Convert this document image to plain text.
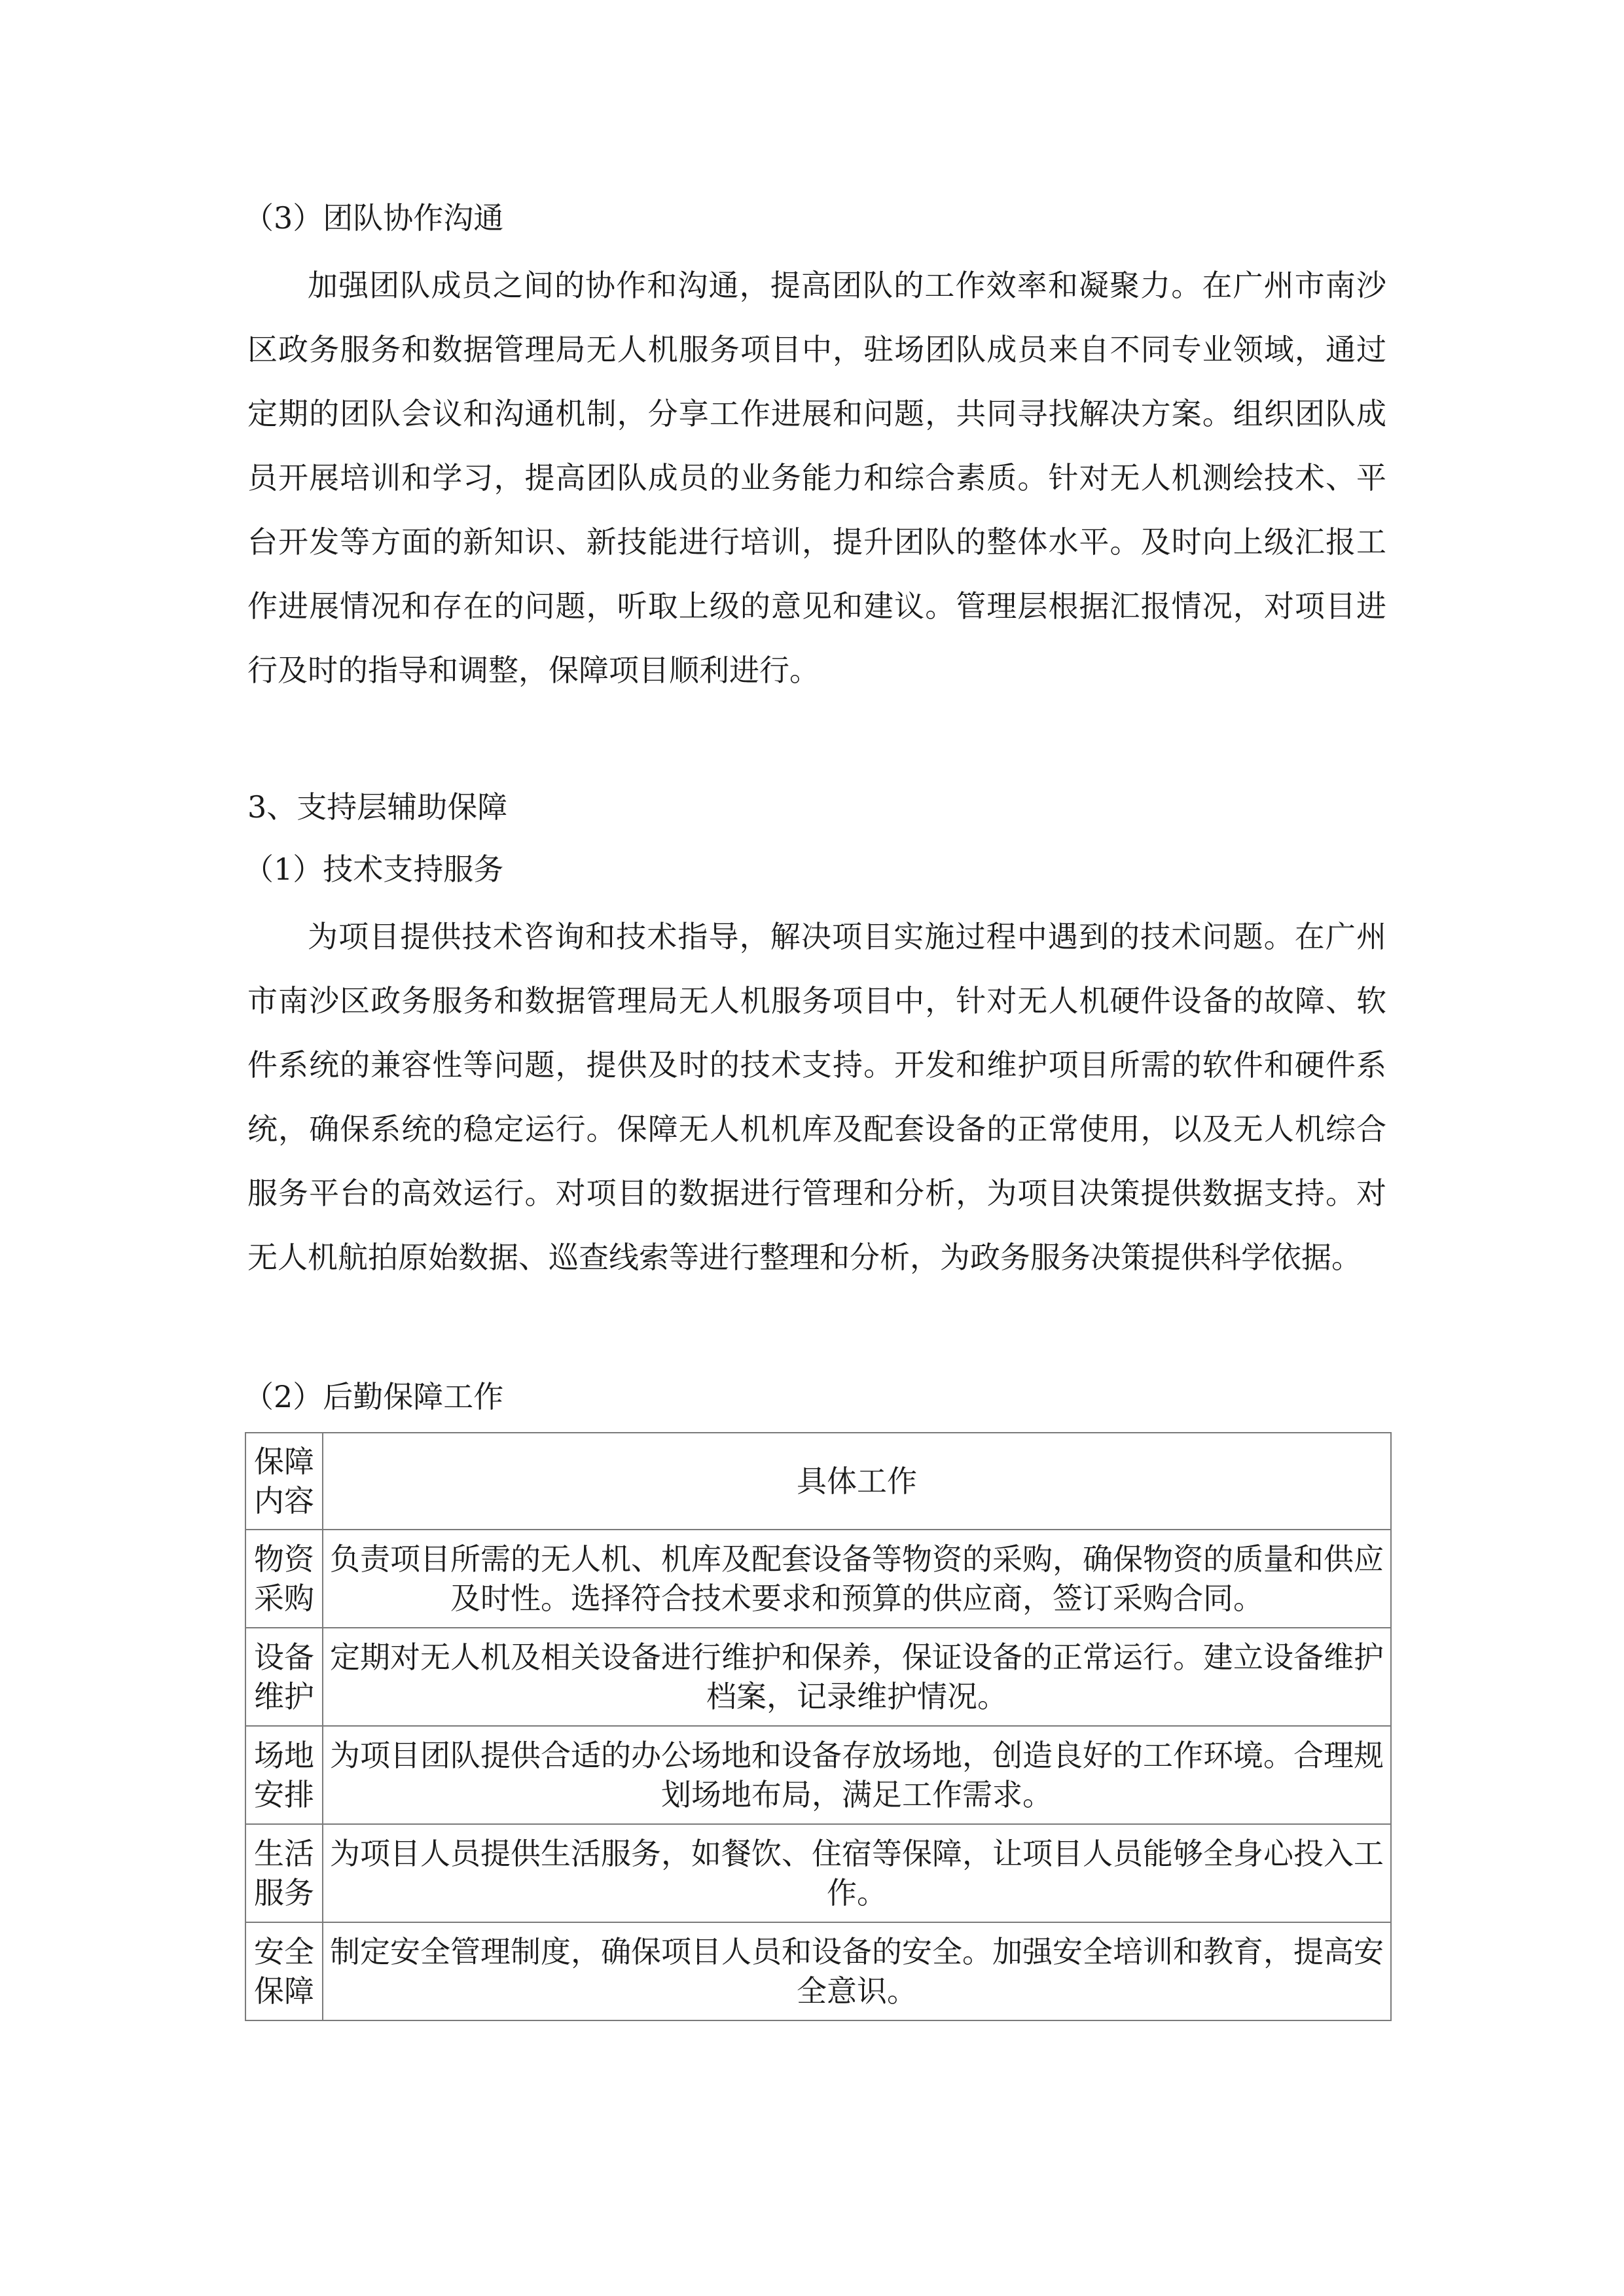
（3）团队协作沟通
加强团队成员之间的协作和沟通，提高团队的工作效率和凝聚力。在广州市南沙区政务服务和数据管理局无人机服务项目中，驻场团队成员来自不同专业领域，通过定期的团队会议和沟通机制，分享工作进展和问题，共同寻找解决方案。组织团队成员开展培训和学习，提高团队成员的业务能力和综合素质。针对无人机测绘技术、平台开发等方面的新知识、新技能进行培训，提升团队的整体水平。及时向上级汇报工作进展情况和存在的问题，听取上级的意见和建议。管理层根据汇报情况，对项目进行及时的指导和调整，保障项目顺利进行。
3、支持层辅助保障
（1）技术支持服务
为项目提供技术咨询和技术指导，解决项目实施过程中遇到的技术问题。在广州市南沙区政务服务和数据管理局无人机服务项目中，针对无人机硬件设备的故障、软件系统的兼容性等问题，提供及时的技术支持。开发和维护项目所需的软件和硬件系统，确保系统的稳定运行。保障无人机机库及配套设备的正常使用，以及无人机综合服务平台的高效运行。对项目的数据进行管理和分析，为项目决策提供数据支持。对无人机航拍原始数据、巡查线索等进行整理和分析，为政务服务决策提供科学依据。
（2）后勤保障工作
保障内容	具体工作
物资采购	负责项目所需的无人机、机库及配套设备等物资的采购，确保物资的质量和供应及时性。选择符合技术要求和预算的供应商，签订采购合同。
设备维护	定期对无人机及相关设备进行维护和保养，保证设备的正常运行。建立设备维护档案，记录维护情况。
场地安排	为项目团队提供合适的办公场地和设备存放场地，创造良好的工作环境。合理规划场地布局，满足工作需求。
生活服务	为项目人员提供生活服务，如餐饮、住宿等保障，让项目人员能够全身心投入工作。
安全保障	制定安全管理制度，确保项目人员和设备的安全。加强安全培训和教育，提高安全意识。
